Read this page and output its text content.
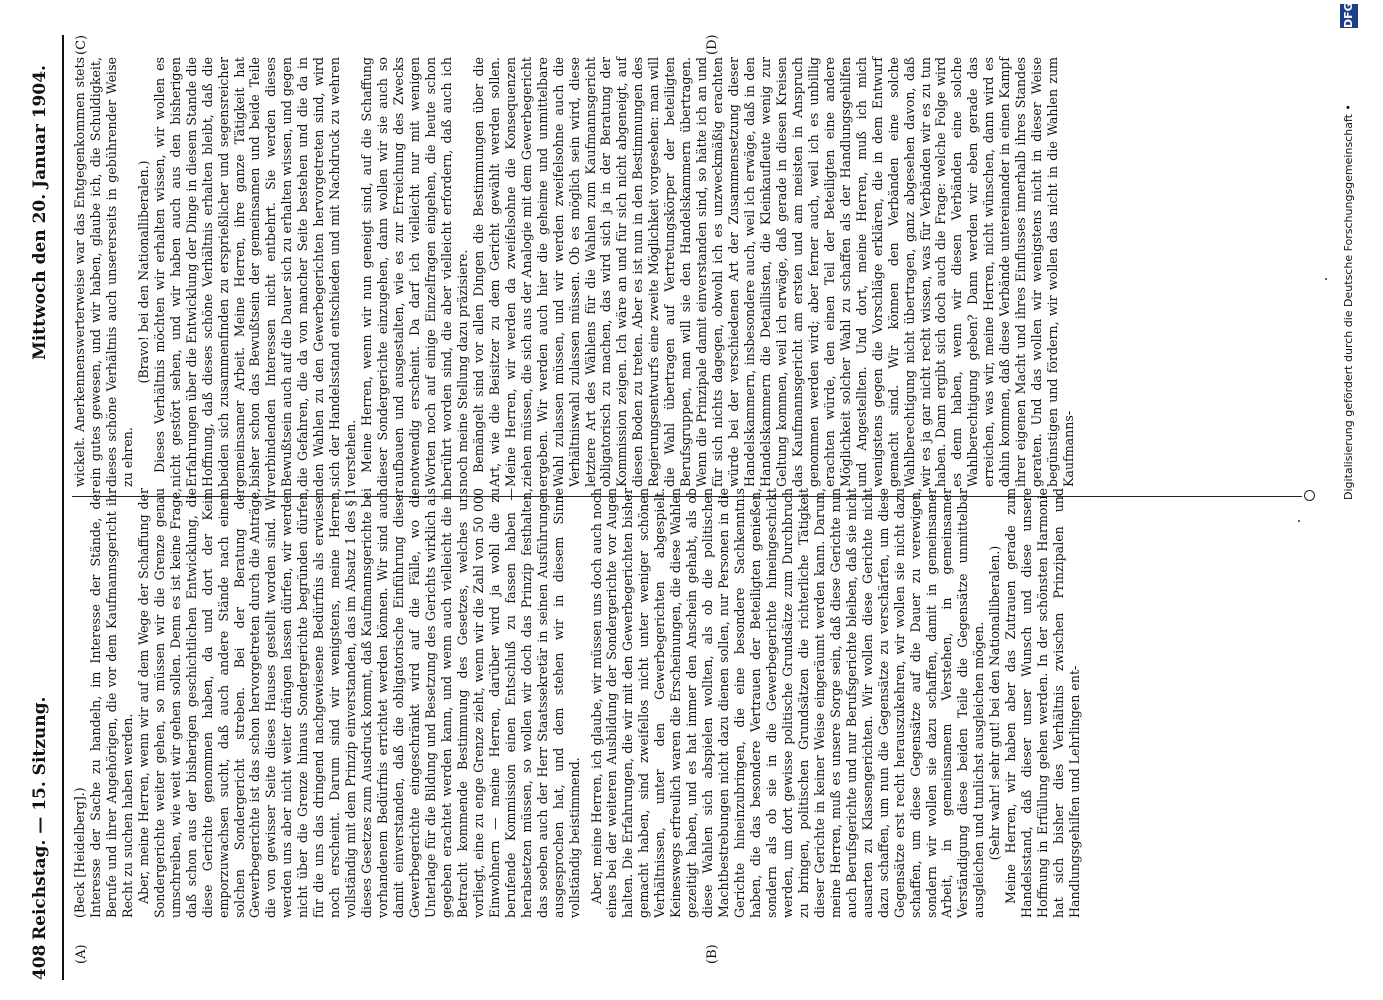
408
Reichstag. — 15. Sitzung.
Mittwoch den 20. Januar 1904.
(A)	(B)
(C)	(D)

(Beck [Heidelberg].) Interesse der Sache zu handeln, im Interesse der Stände, der Berufe und ihrer Angehörigen, die vor dem Kaufmannsgericht ihr Recht zu suchen haben werden. Aber, meine Herren, wenn wir auf dem Wege der Schaffung der Sondergerichte weiter gehen, so müssen wir die Grenze genau umschreiben, wie weit wir gehen sollen. Denn es ist keine Frage, daß schon aus der bisherigen geschichtlichen Entwicklung, die diese Gerichte genommen haben, da und dort der Keim emporzuwachsen sucht, daß auch andere Stände nach einem solchen Sondergericht streben. Bei der Beratung der Gewerbegerichte ist das schon hervorgetreten durch die Anträge, die von gewisser Seite dieses Hauses gestellt worden sind. Wir werden uns aber nicht weiter drängen lassen dürfen, wir werden nicht über die Grenze hinaus Sondergerichte begründen dürfen, für die uns das dringend nachgewiesene Bedürfnis als erwiesen noch erscheint. Darum sind wir wenigstens, meine Herren, vollständig mit dem Prinzip einverstanden, das im Absatz 1 des § 1 dieses Gesetzes zum Ausdruck kommt, daß Kaufmannsgerichte bei vorhandenem Bedürfnis errichtet werden können. Wir sind auch damit einverstanden, daß die obligatorische Einführung dieser Gewerbegerichte eingeschränkt wird auf die Fälle, wo die Unterlage für die Bildung und Besetzung des Gerichts wirklich als gegeben erachtet werden kann, und wenn auch vielleicht die in Betracht kommende Bestimmung des Gesetzes, welches uns vorliegt, eine zu enge Grenze zieht, wenn wir die Zahl von 50 000 Einwohnern — meine Herren, darüber wird ja wohl die zu berufende Kommission einen Entschluß zu fassen haben — herabsetzen müssen, so wollen wir doch das Prinzip festhalten, das soeben auch der Herr Staatssekretär in seinen Ausführungen ausgesprochen hat, und dem stehen wir in diesem Sinne vollständig beistimmend. Aber, meine Herren, ich glaube, wir müssen uns doch auch noch eines bei der weiteren Ausbildung der Sondergerichte vor Augen halten. Die Erfahrungen, die wir mit den Gewerbegerichten bisher gemacht haben, sind zweifellos nicht unter weniger schönen Verhältnissen, unter den Gewerbegerichten abgespielt. Keineswegs erfreulich waren die Erscheinungen, die diese Wahlen gezeitigt haben, und es hat immer den Anschein gehabt, als ob diese Wahlen sich abspielen wollten, als ob die politischen Machtbestrebungen nicht dazu dienen sollen, nur Personen in die Gerichte hineinzubringen, die eine besondere Sachkenntnis haben, die das besondere Vertrauen der Beteiligten genießen, sondern als ob sie in die Gewerbegerichte hineingeschickt werden, um dort gewisse politische Grundsätze zum Durchbruch zu bringen, politischen Grundsätzen die richterliche Tätigkeit dieser Gerichte in keiner Weise eingeräumt werden kann. Darum, meine Herren, muß es unsere Sorge sein, daß diese Gerichte nun auch Berufsgerichte und nur Berufsgerichte bleiben, daß sie nicht ausarten zu Klassengerichten. Wir wollen diese Gerichte nicht dazu schaffen, um nun die Gegensätze zu verschärfen, um diese Gegensätze erst recht herauszukehren, wir wollen sie nicht dazu schaffen, um diese Gegensätze auf die Dauer zu verewigen, sondern wir wollen sie dazu schaffen, damit in gemeinsamer Arbeit, in gemeinsamem Verstehen, in gemeinsamer Verständigung diese beiden Teile die Gegensätze unmittelbar ausgleichen und tunlichst ausgleichen mögen. (Sehr wahr! sehr gut! bei den Nationalliberalen.) Meine Herren, wir haben aber das Zutrauen gerade zum Handelsstand, daß dieser unser Wunsch und diese unsere Hoffnung in Erfüllung gehen werden. In der schönsten Harmonie hat sich bisher dies Verhältnis zwischen Prinzipalen und Handlungsgehilfen und Lehrlingen ent-

wickelt. Anerkennenswerterweise war das Entgegenkommen stets ein gutes gewesen, und wir haben, glaube ich, die Schuldigkeit, dieses schöne Verhältnis auch unsererseits in gebührender Weise zu ehren.

(Bravo! bei den Nationalliberalen.) Dieses Verhältnis möchten wir erhalten wissen, wir wollen es nicht gestört sehen, und wir haben auch aus den bisherigen Erfahrungen über die Entwicklung der Dinge in diesem Stande die Hoffnung, daß dieses schöne Verhältnis erhalten bleibt, daß die beiden sich zusammenfinden zu ersprießlicher und segensreicher gemeinsamer Arbeit. Meine Herren, ihre ganze Tätigkeit hat bisher schon das Bewußtsein der gemeinsamen und beide Teile verbindenden Interessen nicht entbehrt. Sie werden dieses Bewußtsein auch auf die Dauer sich zu erhalten wissen, und gegen die Gefahren, die da von mancher Seite bestehen und die da in den Wahlen zu den Gewerbegerichten hervorgetreten sind, wird sich der Handelsstand entschieden und mit Nachdruck zu wehren verstehen. Meine Herren, wenn wir nun geneigt sind, auf die Schaffung dieser Sondergerichte einzugehen, dann wollen wir sie auch so aufbauen und ausgestalten, wie es zur Erreichung des Zwecks notwendig erscheint. Da darf ich vielleicht nur mit wenigen Worten noch auf einige Einzelfragen eingehen, die heute schon berührt worden sind, die aber vielleicht erfordern, daß auch ich noch meine Stellung dazu präzisiere. Bemängelt sind vor allen Dingen die Bestimmungen über die Art, wie die Beisitzer zu dem Gericht gewählt werden sollen. Meine Herren, wir werden da zweifelsohne die Konsequenzen ziehen müssen, die sich aus der Analogie mit dem Gewerbegericht ergeben. Wir werden auch hier die geheime und unmittelbare Wahl zulassen müssen, und wir werden zweifelsohne auch die Verhältniswahl zulassen müssen. Ob es möglich sein wird, diese letztere Art des Wählens für die Wahlen zum Kaufmannsgericht obligatorisch zu machen, das wird sich ja in der Beratung der Kommission zeigen. Ich wäre an und für sich nicht abgeneigt, auf diesen Boden zu treten. Aber es ist nun in den Bestimmungen des Regierungsentwurfs eine zweite Möglichkeit vorgesehen: man will die Wahl übertragen auf Vertretungskörper der beteiligten Berufsgruppen, man will sie den Handelskammern übertragen. Wenn die Prinzipale damit einverstanden sind, so hätte ich an und für sich nichts dagegen, obwohl ich es unzweckmäßig erachten würde bei der verschiedenen Art der Zusammensetzung dieser Handelskammern, insbesondere auch, weil ich erwäge, daß in den Handelskammern die Detaillisten, die Kleinkaufleute wenig zur Geltung kommen, weil ich erwäge, daß gerade in diesen Kreisen das Kaufmannsgericht am ersten und am meisten in Anspruch genommen werden wird; aber ferner auch, weil ich es unbillig erachten würde, den einen Teil der Beteiligten eine andere Möglichkeit solcher Wahl zu schaffen als der Handlungsgehilfen und Angestellten. Und dort, meine Herren, muß ich mich wenigstens gegen die Vorschläge erklären, die in dem Entwurf gemacht sind. Wir können den Verbänden eine solche Wahlberechtigung nicht übertragen, ganz abgesehen davon, daß wir es ja gar nicht recht wissen, was für Verbänden wir es zu tun haben. Dann ergibt sich doch auch die Frage: welche Folge wird es denn haben, wenn wir diesen Verbänden eine solche Wahlberechtigung geben? Dann werden wir eben gerade das erreichen, was wir, meine Herren, nicht wünschen, dann wird es dahin kommen, daß diese Verbände untereinander in einen Kampf ihrer eigenen Macht und ihres Einflusses innerhalb ihres Standes geraten. Und das wollen wir wenigstens nicht in dieser Weise begünstigen und fördern, wir wollen das nicht in die Wahlen zum Kaufmanns-	Digitalisierung gefördert durch die Deutsche Forschungsgemeinschaft •
DFG
